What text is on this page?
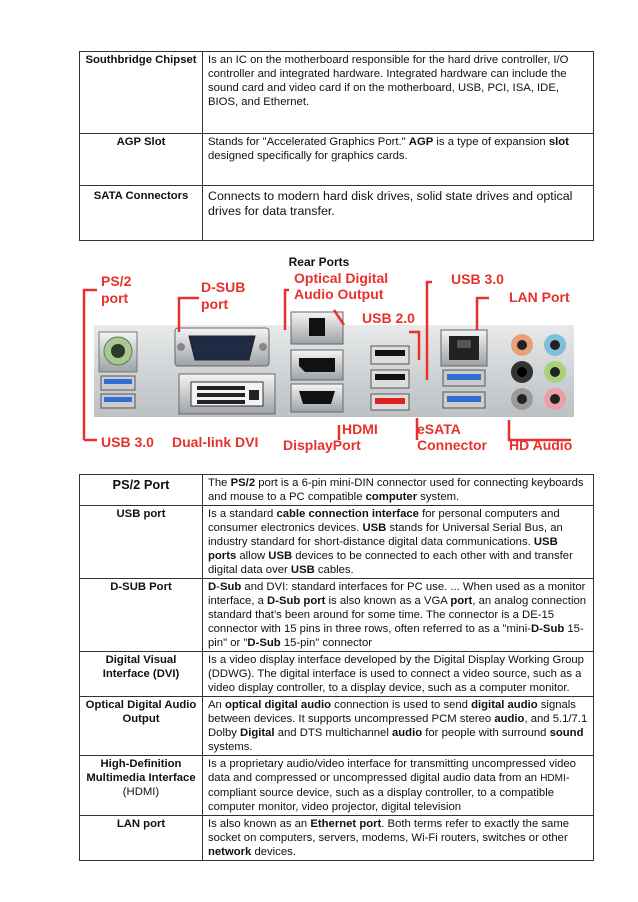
Southbridge Chipset	Is an IC on the motherboard responsible for the hard drive controller, I/O controller and integrated hardware. Integrated hardware can include the sound card and video card if on the motherboard, USB, PCI, ISA, IDE, BIOS, and Ethernet.
AGP Slot	Stands for "Accelerated Graphics Port." AGP is a type of expansion slot designed specifically for graphics cards.
SATA Connectors	Connects to modern hard disk drives, solid state drives and optical drives for data transfer.
Rear Ports
PS/2
port
D-SUB
port
Optical Digital
Audio Output
USB 3.0
LAN Port
USB 2.0
HDMI	eSATA
Connector
USB 3.0 Dual-link DVI DisplayPort	HD Audio
PS/2 Port	The PS/2 port is a 6-pin mini-DIN connector used for connecting keyboards and mouse to a PC compatible computer system.
USB port	Is a standard cable connection interface for personal computers and consumer electronics devices. USB stands for Universal Serial Bus, an industry standard for short-distance digital data communications. USB ports allow USB devices to be connected to each other with and transfer digital data over USB cables.
D-SUB Port	D-Sub and DVI: standard interfaces for PC use. ... When used as a monitor interface, a D-Sub port is also known as a VGA port, an analog connection standard that's been around for some time. The connector is a DE-15 connector with 15 pins in three rows, often referred to as a "mini-D-Sub 15-pin" or "D-Sub 15-pin" connector
Digital Visual Interface (DVI)	Is a video display interface developed by the Digital Display Working Group (DDWG). The digital interface is used to connect a video source, such as a video display controller, to a display device, such as a computer monitor.
Optical Digital Audio Output	An optical digital audio connection is used to send digital audio signals between devices. It supports uncompressed PCM stereo audio, and 5.1/7.1 Dolby Digital and DTS multichannel audio for people with surround sound systems.
High-Definition Multimedia Interface (HDMI)	Is a proprietary audio/video interface for transmitting uncompressed video data and compressed or uncompressed digital audio data from an HDMI-compliant source device, such as a display controller, to a compatible computer monitor, video projector, digital television
LAN port	Is also known as an Ethernet port. Both terms refer to exactly the same socket on computers, servers, modems, Wi-Fi routers, switches or other network devices.
